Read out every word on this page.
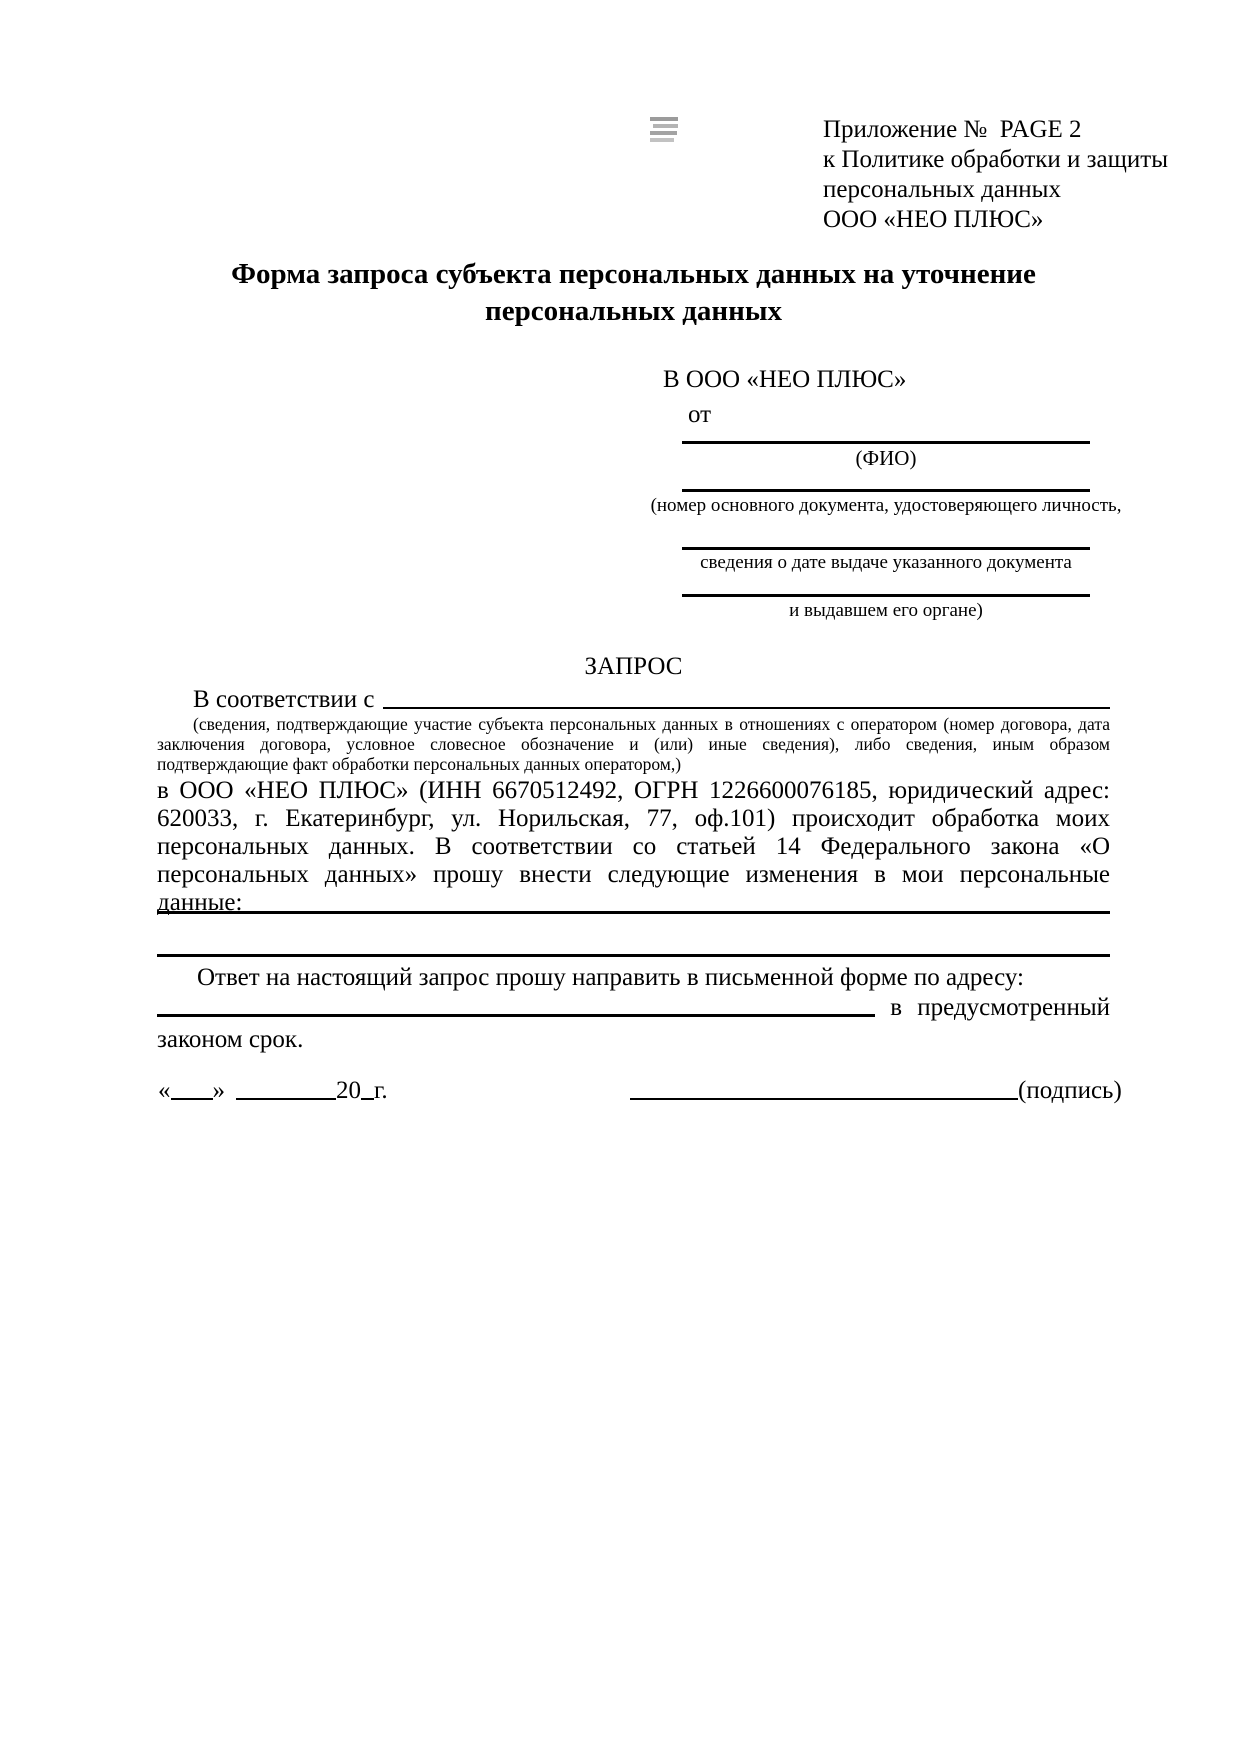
Приложение №  PAGE 2
к Политике обработки и защиты
персональных данных
ООО «НЕО ПЛЮС»
Форма запроса субъекта персональных данных на уточнение
персональных данных
В ООО «НЕО ПЛЮС»
от
(ФИО)
(номер основного документа, удостоверяющего личность,
сведения о дате выдаче указанного документа
и выдавшем его органе)
ЗАПРОС
В соответствии с
(сведения, подтверждающие участие субъекта персональных данных в отношениях с оператором (номер договора, дата заключения договора, условное словесное обозначение и (или) иные сведения), либо сведения, иным образом подтверждающие факт обработки персональных данных оператором,)
в ООО «НЕО ПЛЮС» (ИНН 6670512492, ОГРН 1226600076185, юридический адрес: 620033, г. Екатеринбург, ул. Норильская, 77, оф.101) происходит обработка моих персональных данных. В соответствии со статьей 14 Федерального закона «О персональных данных» прошу внести следующие изменения в мои персональные данные:
Ответ на настоящий запрос прошу направить в письменной форме по адресу:
в предусмотренный
законом срок.
« »	20 г.	(подпись)
